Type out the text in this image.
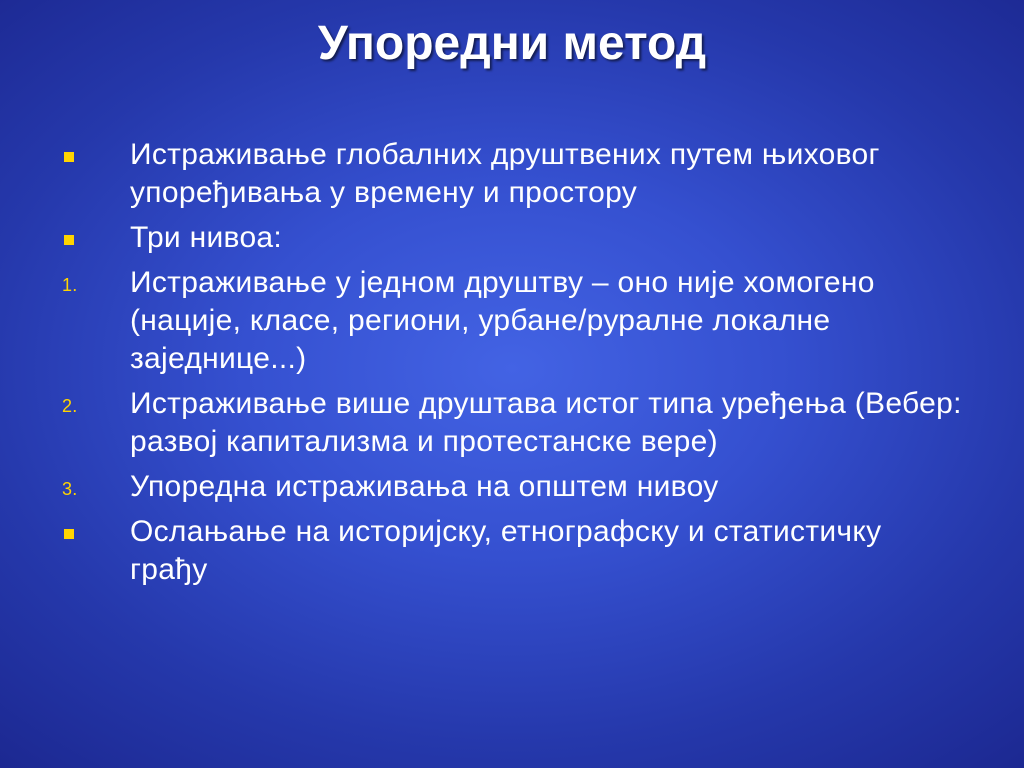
Упоредни метод
Истраживање глобалних друштвених путем њиховог упоређивања у времену и простору
Три нивоа:
1. Истраживање у једном друштву – оно није хомогено (нације, класе, региони, урбане/руралне локалне заједнице...)
2. Истраживање више друштава истог типа уређења (Вебер: развој капитализма и протестанске вере)
3. Упоредна истраживања на општем нивоу
Ослањање на историјску, етнографску и статистичку грађу
